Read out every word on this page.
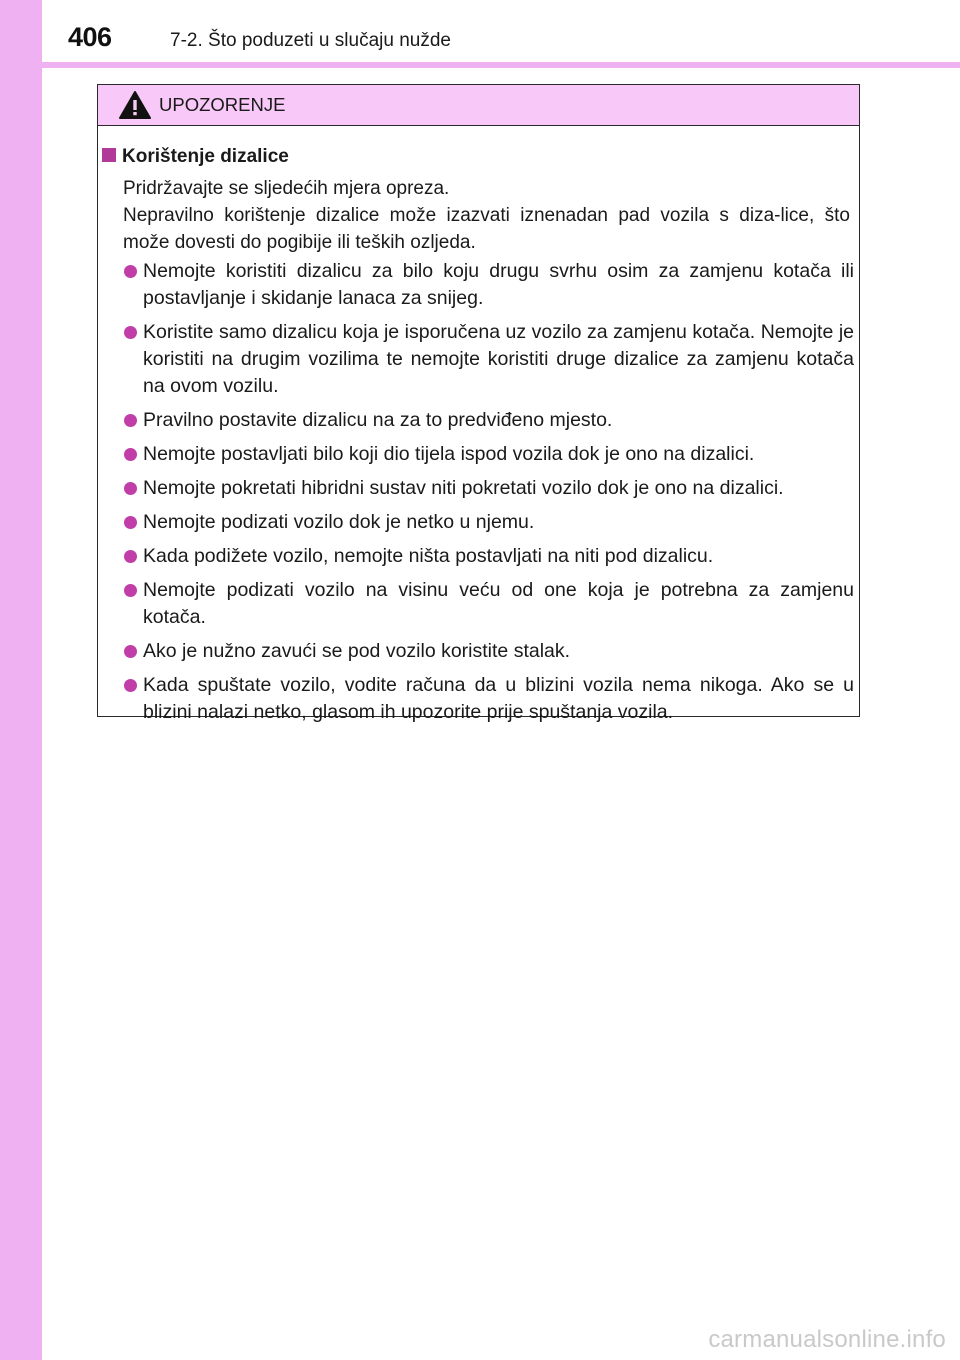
406	7-2. Što poduzeti u slučaju nužde
UPOZORENJE
Korištenje dizalice

Pridržavajte se sljedećih mjera opreza.

Nepravilno korištenje dizalice može izazvati iznenadan pad vozila s diza-lice, što može dovesti do pogibije ili teških ozljeda.

Nemojte koristiti dizalicu za bilo koju drugu svrhu osim za zamjenu kotača ili postavljanje i skidanje lanaca za snijeg.
Koristite samo dizalicu koja je isporučena uz vozilo za zamjenu kotača. Nemojte je koristiti na drugim vozilima te nemojte koristiti druge dizalice za zamjenu kotača na ovom vozilu.
Pravilno postavite dizalicu na za to predviđeno mjesto.
Nemojte postavljati bilo koji dio tijela ispod vozila dok je ono na dizalici.
Nemojte pokretati hibridni sustav niti pokretati vozilo dok je ono na dizalici.
Nemojte podizati vozilo dok je netko u njemu.
Kada podižete vozilo, nemojte ništa postavljati na niti pod dizalicu.
Nemojte podizati vozilo na visinu veću od one koja je potrebna za zamjenu kotača.
Ako je nužno zavući se pod vozilo koristite stalak.
Kada spuštate vozilo, vodite računa da u blizini vozila nema nikoga. Ako se u blizini nalazi netko, glasom ih upozorite prije spuštanja vozila.
carmanualsonline.info
